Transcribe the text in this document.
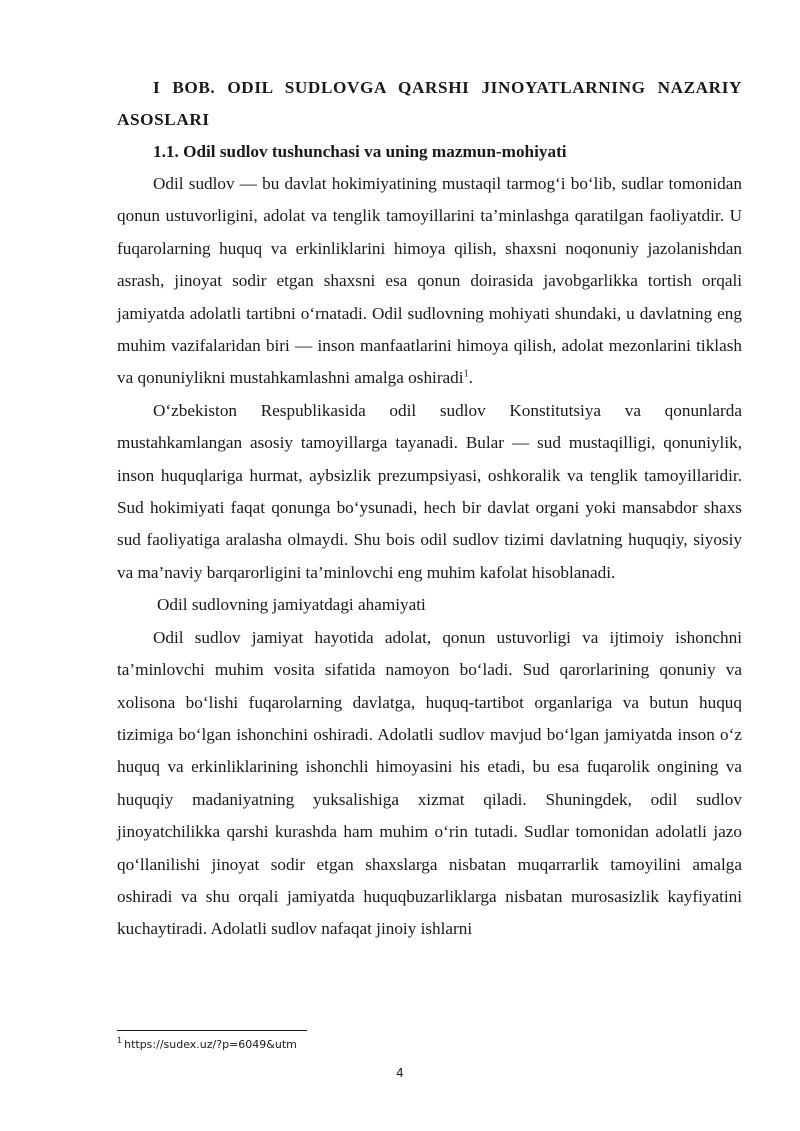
I BOB. ODIL SUDLOVGA QARSHI JINOYATLARNING NAZARIY ASOSLARI

1.1. Odil sudlov tushunchasi va uning mazmun-mohiyati

Odil sudlov — bu davlat hokimiyatining mustaqil tarmog‘i bo‘lib, sudlar tomonidan qonun ustuvorligini, adolat va tenglik tamoyillarini ta’minlashga qaratilgan faoliyatdir. U fuqarolarning huquq va erkinliklarini himoya qilish, shaxsni noqonuniy jazolanishdan asrash, jinoyat sodir etgan shaxsni esa qonun doirasida javobgarlikka tortish orqali jamiyatda adolatli tartibni o‘rnatadi. Odil sudlovning mohiyati shundaki, u davlatning eng muhim vazifalaridan biri — inson manfaatlarini himoya qilish, adolat mezonlarini tiklash va qonuniylikni mustahkamlashni amalga oshiradi$^1$.

O‘zbekiston Respublikasida odil sudlov Konstitutsiya va qonunlarda mustahkamlangan asosiy tamoyillarga tayanadi. Bular — sud mustaqilligi, qonuniylik, inson huquqlariga hurmat, aybsizlik prezumpsiyasi, oshkoralik va tenglik tamoyillaridir. Sud hokimiyati faqat qonunga bo‘ysunadi, hech bir davlat organi yoki mansabdor shaxs sud faoliyatiga aralasha olmaydi. Shu bois odil sudlov tizimi davlatning huquqiy, siyosiy va ma’naviy barqarorligini ta’minlovchi eng muhim kafolat hisoblanadi.

Odil sudlovning jamiyatdagi ahamiyati

Odil sudlov jamiyat hayotida adolat, qonun ustuvorligi va ijtimoiy ishonchni ta’minlovchi muhim vosita sifatida namoyon bo‘ladi. Sud qarorlarining qonuniy va xolisona bo‘lishi fuqarolarning davlatga, huquq-tartibot organlariga va butun huquq tizimiga bo‘lgan ishonchini oshiradi. Adolatli sudlov mavjud bo‘lgan jamiyatda inson o‘z huquq va erkinliklarining ishonchli himoyasini his etadi, bu esa fuqarolik ongining va huquqiy madaniyatning yuksalishiga xizmat qiladi. Shuningdek, odil sudlov jinoyatchilikka qarshi kurashda ham muhim o‘rin tutadi. Sudlar tomonidan adolatli jazo qo‘llanilishi jinoyat sodir etgan shaxslarga nisbatan muqarrarlik tamoyilini amalga oshiradi va shu orqali jamiyatda huquqbuzarliklarga nisbatan murosasizlik kayfiyatini kuchaytiradi. Adolatli sudlov nafaqat jinoiy ishlarni

$^1$ https://sudex.uz/?p=6049&utm
4
